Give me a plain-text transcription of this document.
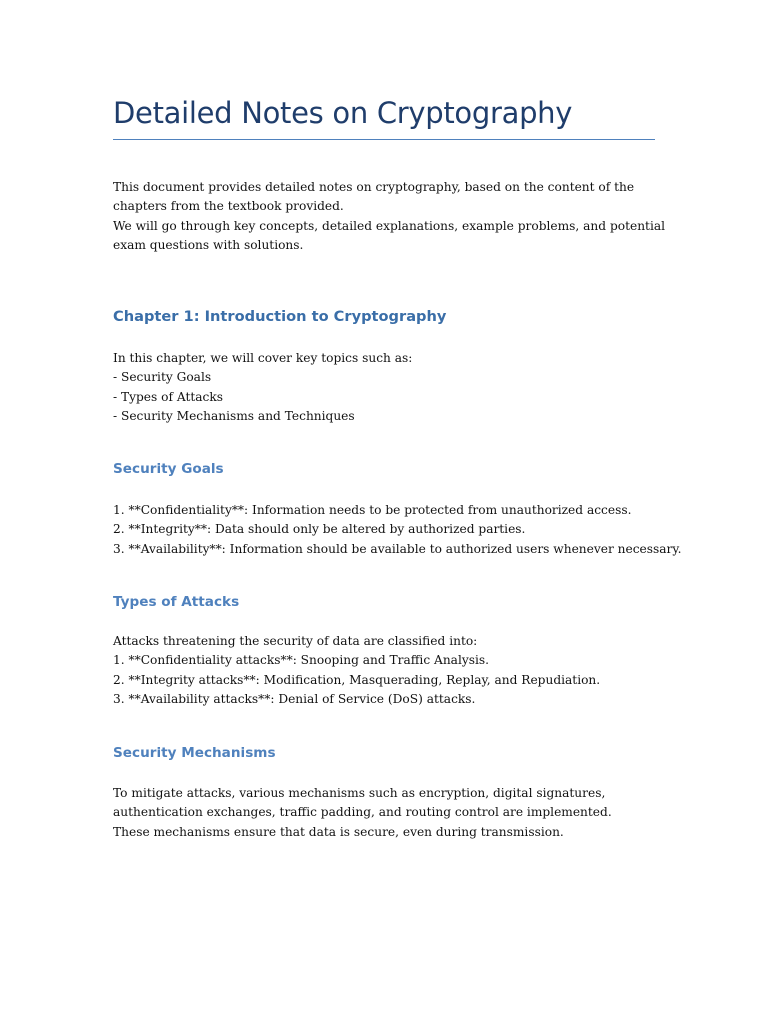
Detailed Notes on Cryptography

This document provides detailed notes on cryptography, based on the content of the
chapters from the textbook provided.
We will go through key concepts, detailed explanations, example problems, and potential
exam questions with solutions.

Chapter 1: Introduction to Cryptography

In this chapter, we will cover key topics such as:
- Security Goals
- Types of Attacks
- Security Mechanisms and Techniques

Security Goals

1. **Confidentiality**: Information needs to be protected from unauthorized access.
2. **Integrity**: Data should only be altered by authorized parties.
3. **Availability**: Information should be available to authorized users whenever necessary.

Types of Attacks

Attacks threatening the security of data are classified into:
1. **Confidentiality attacks**: Snooping and Traffic Analysis.
2. **Integrity attacks**: Modification, Masquerading, Replay, and Repudiation.
3. **Availability attacks**: Denial of Service (DoS) attacks.

Security Mechanisms

To mitigate attacks, various mechanisms such as encryption, digital signatures,
authentication exchanges, traffic padding, and routing control are implemented.
These mechanisms ensure that data is secure, even during transmission.
